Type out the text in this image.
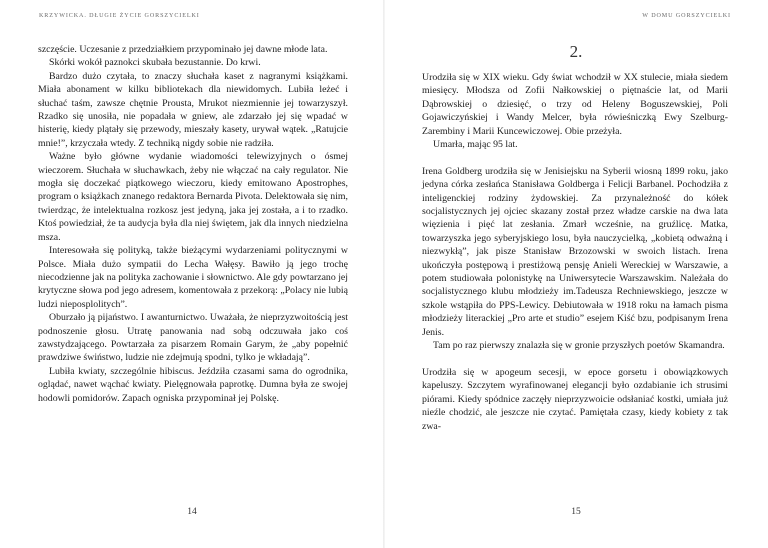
KRZYWICKA. DŁUGIE ŻYCIE GORSZYCIELKI

szczęście. Uczesanie z przedziałkiem przypominało jej dawne młode lata.

Skórki wokół paznokci skubała bezustannie. Do krwi.

Bardzo dużo czytała, to znaczy słuchała kaset z nagranymi książkami. Miała abonament w kilku bibliotekach dla niewidomych. Lubiła leżeć i słuchać taśm, zawsze chętnie Prousta, Mrukot niezmiennie jej towarzyszył. Rzadko się unosiła, nie popadała w gniew, ale zdarzało jej się wpadać w histerię, kiedy plątały się przewody, mieszały kasety, urywał wątek. „Ratujcie mnie!”, krzyczała wtedy. Z techniką nigdy sobie nie radziła.

Ważne było główne wydanie wiadomości telewizyjnych o ósmej wieczorem. Słuchała w słuchawkach, żeby nie włączać na cały regulator. Nie mogła się doczekać piątkowego wieczoru, kiedy emitowano Apostrophes, program o książkach znanego redaktora Bernarda Pivota. Delektowała się nim, twierdząc, że intelektualna rozkosz jest jedyną, jaka jej została, a i to rzadko. Ktoś powiedział, że ta audycja była dla niej świętem, jak dla innych niedzielna msza.

Interesowała się polityką, także bieżącymi wydarzeniami politycznymi w Polsce. Miała dużo sympatii do Lecha Wałęsy. Bawiło ją jego trochę niecodzienne jak na polityka zachowanie i słownictwo. Ale gdy powtarzano jej krytyczne słowa pod jego adresem, komentowała z przekorą: „Polacy nie lubią ludzi nieposplolitych”.

Oburzało ją pijaństwo. I awanturnictwo. Uważała, że nieprzyzwoitością jest podnoszenie głosu. Utratę panowania nad sobą odczuwała jako coś zawstydzającego. Powtarzała za pisarzem Romain Garym, że „aby popełnić prawdziwe świństwo, ludzie nie zdejmują spodni, tylko je wkładają”.

Lubiła kwiaty, szczególnie hibiscus. Jeździła czasami sama do ogrodnika, oglądać, nawet wąchać kwiaty. Pielęgnowała paprotkę. Dumna była ze swojej hodowli pomidorów. Zapach ogniska przypominał jej Polskę.

14
W DOMU GORSZYCIELKI
2.

Urodziła się w XIX wieku. Gdy świat wchodził w XX stulecie, miała siedem miesięcy. Młodsza od Zofii Nałkowskiej o piętnaście lat, od Marii Dąbrowskiej o dziesięć, o trzy od Heleny Boguszewskiej, Poli Gojawiczyńskiej i Wandy Melcer, była rówieśniczką Ewy Szelburg-Zarembiny i Marii Kuncewiczowej. Obie przeżyła.

Umarła, mając 95 lat.

Irena Goldberg urodziła się w Jenisiejsku na Syberii wiosną 1899 roku, jako jedyna córka zesłańca Stanisława Goldberga i Felicji Barbanel. Pochodziła z inteligenckiej rodziny żydowskiej. Za przynależność do kółek socjalistycznych jej ojciec skazany został przez władze carskie na dwa lata więzienia i pięć lat zesłania. Zmarł wcześnie, na gruźlicę. Matka, towarzyszka jego syberyjskiego losu, była nauczycielką, „kobietą odważną i niezwykłą”, jak pisze Stanisław Brzozowski w swoich listach. Irena ukończyła postępową i prestiżową pensję Anieli Wereckiej w Warszawie, a potem studiowała polonistykę na Uniwersytecie Warszawskim. Należała do socjalistycznego klubu młodzieży im.Tadeusza Rechniewskiego, jeszcze w szkole wstąpiła do PPS-Lewicy. Debiutowała w 1918 roku na łamach pisma młodzieży literackiej „Pro arte et studio” esejem Kiść bzu, podpisanym Irena Jenis.

Tam po raz pierwszy znalazła się w gronie przyszłych poetów Skamandra.

Urodziła się w apogeum secesji, w epoce gorsetu i obowiązkowych kapeluszy. Szczytem wyrafinowanej elegancji było ozdabianie ich strusimi piórami. Kiedy spódnice zaczęły nieprzyzwoicie odsłaniać kostki, umiała już nieźle chodzić, ale jeszcze nie czytać. Pamiętała czasy, kiedy kobiety z tak zwa-

15
